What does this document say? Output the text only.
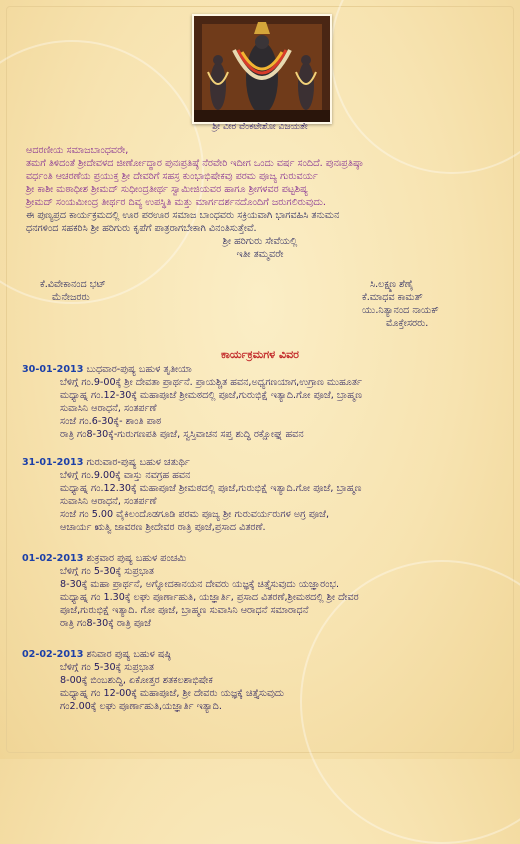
ಶ್ರೀ ವೀರ ವೆಂಕಟೇಶೋ ವಿಜಯತೇ
ಆದರಣೀಯ ಸಮಾಜಬಾಂಧವರೇ,
ತಮಗೆ ತಿಳಿದಂತೆ ಶ್ರೀದೇವಳದ ಜೀರ್ಣೋದ್ಧಾರ ಪುನಃಪ್ರತಿಷ್ಠೆ ನೆರವೇರಿ ಇದೀಗ ಒಂದು ವರ್ಷ ಸಂದಿದೆ. ಪುನಃಪ್ರತಿಷ್ಠಾ
ವರ್ಧಂತಿ ಆಚರಣೆಯ ಪ್ರಯುಕ್ತ ಶ್ರೀ ದೇವರಿಗೆ ಸಹಸ್ರ ಕುಂಭಾಭಿಷೇಕವು ಪರಮ ಪೂಜ್ಯ ಗುರುವರ್ಯ
ಶ್ರೀ ಕಾಶೀ ಮಠಾಧೀಶ ಶ್ರೀಮದ್ ಸುಧೀಂದ್ರತೀರ್ಥ ಸ್ವಾಮೀಜಿಯವರ ಹಾಗೂ ಶ್ರೀಗಳವರ ಪಟ್ಟಶಿಷ್ಯ
ಶ್ರೀಮದ್ ಸಂಯಮೀಂದ್ರ ತೀರ್ಥರ ದಿವ್ಯ ಉಪಸ್ಥಿತಿ ಮತ್ತು ಮಾರ್ಗದರ್ಶನದೊಂದಿಗೆ ಜರುಗಲಿರುವುದು.
ಈ ಪುಣ್ಯಪ್ರದ ಕಾರ್ಯಕ್ರಮದಲ್ಲಿ ಊರ ಪರಊರ ಸಮಾಜ ಬಾಂಧವರು ಸಕ್ರಿಯವಾಗಿ ಭಾಗವಹಿಸಿ ತನುಮನ
ಧನಗಳಿಂದ ಸಹಕರಿಸಿ ಶ್ರೀ ಹರಿಗುರು ಕೃಪೆಗೆ ಪಾತ್ರರಾಗಬೇಕಾಗಿ ವಿನಂತಿಸುತ್ತೇವೆ.
ಶ್ರೀ ಹರಿಗುರು ಸೇವೆಯಲ್ಲಿ
ಇತೀ ತಮ್ಮವರೇ
ಕೆ.ವಿವೇಕಾನಂದ ಭಟ್
ಮೆನೇಜರರು
ಸಿ.ಲಕ್ಷ್ಮಣ ಶೆಣೈ
ಕೆ.ಮಾಧವ ಕಾಮತ್
ಯು.ನಿತ್ಯಾನಂದ ನಾಯಕ್
ಮೊಕ್ತೇಸರರು.
ಕಾರ್ಯಕ್ರಮಗಳ ವಿವರ
30-01-2013 ಬುಧವಾರ-ಪುಷ್ಯ ಬಹುಳ ತೃತೀಯಾ
ಬೆಳಿಗ್ಗೆ ಗಂ.9-00ಕ್ಕೆ ಶ್ರೀ ದೇವತಾ ಪ್ರಾರ್ಥನೆ. ಪ್ರಾಯಶ್ಚಿತ ಹವನ,ಅಧ್ಯಗಣಯಾಗ,ಉಗ್ರಾಣ ಮುಹೂರ್ತ
ಮಧ್ಯಾಹ್ನ ಗಂ.12-30ಕ್ಕೆ ಮಹಾಪೂಜೆ ಶ್ರೀಮಠದಲ್ಲಿ ಪೂಜೆ,ಗುರುಭಿಕ್ಷೆ ಇತ್ಯಾದಿ.ಗೋ ಪೂಜೆ, ಬ್ರಾಹ್ಮಣ
ಸುವಾಸಿನಿ ಆರಾಧನೆ, ಸಂತರ್ಪಣೆ
ಸಂಜೆ ಗಂ.6-30ಕ್ಕೆ- ಶಾಂತಿ ಪಾಠ
ರಾತ್ರಿ ಗಂ8-30ಕ್ಕೆ-ಗುರುಗಣಪತಿ ಪೂಜೆ, ಸ್ವಸ್ತಿವಾಚನ ಸಪ್ತ ಶುದ್ಧಿ ರಕ್ಷೋಘ್ನ ಹವನ
31-01-2013 ಗುರುವಾರ-ಪುಷ್ಯ ಬಹುಳ ಚತುರ್ಥಿ
ಬೆಳಿಗ್ಗೆ ಗಂ.9.00ಕ್ಕೆ ವಾಸ್ತು ನವಗ್ರಹ ಹವನ
ಮಧ್ಯಾಹ್ನ ಗಂ.12.30ಕ್ಕೆ ಮಹಾಪೂಜೆ ಶ್ರೀಮಠದಲ್ಲಿ ಪೂಜೆ,ಗುರುಭಿಕ್ಷೆ ಇತ್ಯಾದಿ.ಗೋ ಪೂಜೆ, ಬ್ರಾಹ್ಮಣ
ಸುವಾಸಿನಿ ಆರಾಧನೆ, ಸಂತರ್ಪಣೆ
ಸಂಜೆ ಗಂ 5.00 ವೈಕಿಲಂದೊಡಗೂಡಿ ಪರಮ ಪೂಜ್ಯ ಶ್ರೀ ಗುರುವರ್ಯರುಗಳ ಅಗ್ರ ಪೂಜೆ,
ಆಚಾರ್ಯ ಋತ್ವಿ ಜಾವರಣ ಶ್ರೀದೇವರ ರಾತ್ರಿ ಪೂಜೆ,ಪ್ರಸಾದ ವಿತರಣೆ.
01-02-2013 ಶುಕ್ರವಾರ ಪುಷ್ಯ ಬಹುಳ ಪಂಚಮಿ
ಬೆಳಿಗ್ಗೆ ಗಂ 5-30ಕ್ಕೆ ಸುಪ್ರಭಾತ
8-30ಕ್ಕೆ ಮಹಾ ಪ್ರಾರ್ಥನೆ, ಅಗ್ನೋದಕಾನಯನ ದೇವರು ಯಜ್ಞಕ್ಕೆ ಚಿತ್ತೈಸುವುದು ಯಜ್ಞಾರಂಭ.
ಮಧ್ಯಾಹ್ನ ಗಂ 1.30ಕ್ಕೆ ಲಘು ಪೂರ್ಣಾಹುತಿ, ಯಜ್ಞಾರ್ತಿ, ಪ್ರಸಾದ ವಿತರಣೆ,ಶ್ರೀಮಠದಲ್ಲಿ ಶ್ರೀ ದೇವರ
ಪೂಜೆ,ಗುರುಭಿಕ್ಷೆ ಇತ್ಯಾದಿ. ಗೋ ಪೂಜೆ, ಬ್ರಾಹ್ಮಣ ಸುವಾಸಿನಿ ಆರಾಧನೆ ಸಮಾರಾಧನೆ
ರಾತ್ರಿ ಗಂ8-30ಕ್ಕೆ ರಾತ್ರಿ ಪೂಜೆ
02-02-2013 ಶನಿವಾರ ಪುಷ್ಯ ಬಹುಳ ಷಷ್ಠಿ
ಬೆಳಿಗ್ಗೆ ಗಂ 5-30ಕ್ಕೆ ಸುಪ್ರಭಾತ
8-00ಕ್ಕೆ ಬಿಂಬಶುದ್ಧಿ, ಏಕೋತ್ತರ ಶತಕಲಶಾಭಿಷೇಕ
ಮಧ್ಯಾಹ್ನ ಗಂ 12-00ಕ್ಕೆ ಮಹಾಪೂಜೆ, ಶ್ರೀ ದೇವರು ಯಜ್ಞಕ್ಕೆ ಚಿತ್ತೈಸುವುದು
ಗಂ2.00ಕ್ಕೆ ಲಘು ಪೂರ್ಣಾಹುತಿ,ಯಜ್ಞಾರ್ತಿ ಇತ್ಯಾದಿ.
